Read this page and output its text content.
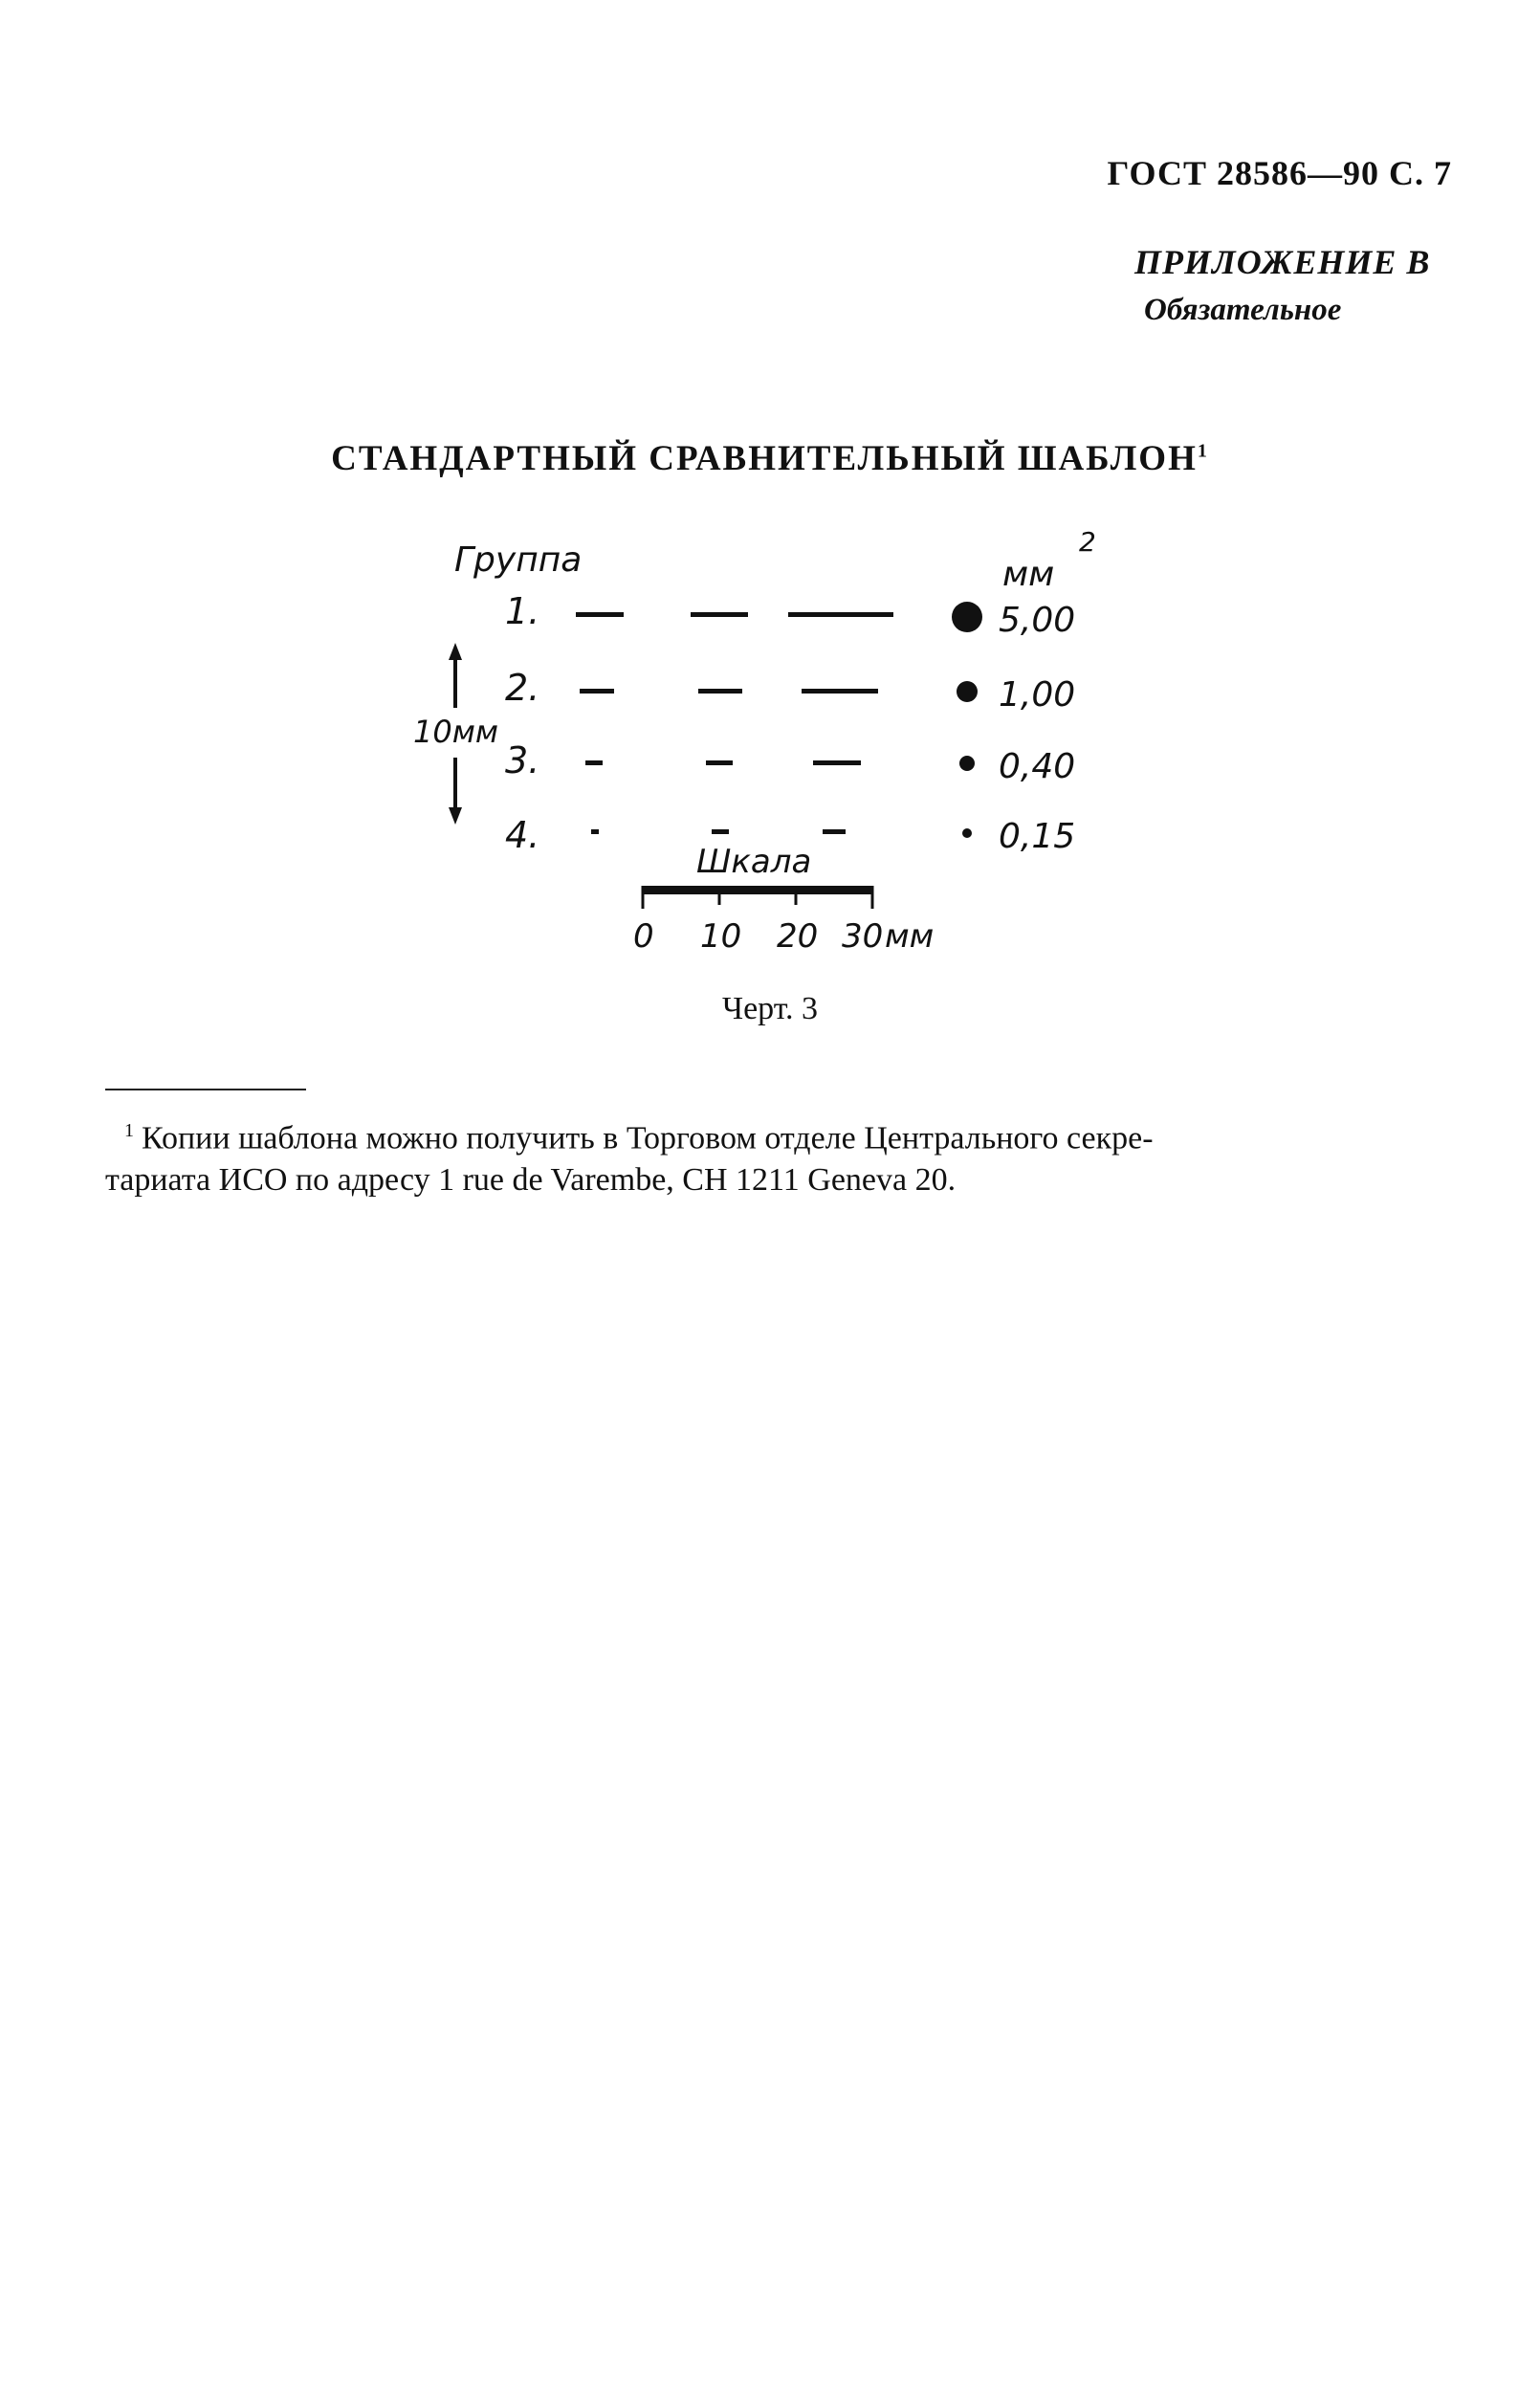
ГОСТ 28586—90 С. 7
ПРИЛОЖЕНИЕ В
Обязательное
СТАНДАРТНЫЙ СРАВНИТЕЛЬНЫЙ ШАБЛОН$^1$
Группа	мм
2
10мм
1.
2.
3.
4.
5,00
1,00
0,40
0,15
Шкала
0 10 20 30 мм
Черт. 3
$^1$ Копии шаблона можно получить в Торговом отделе Центрального секре-
тариата ИСО по адресу 1 rue de Varembe, CH 1211 Geneva 20.
